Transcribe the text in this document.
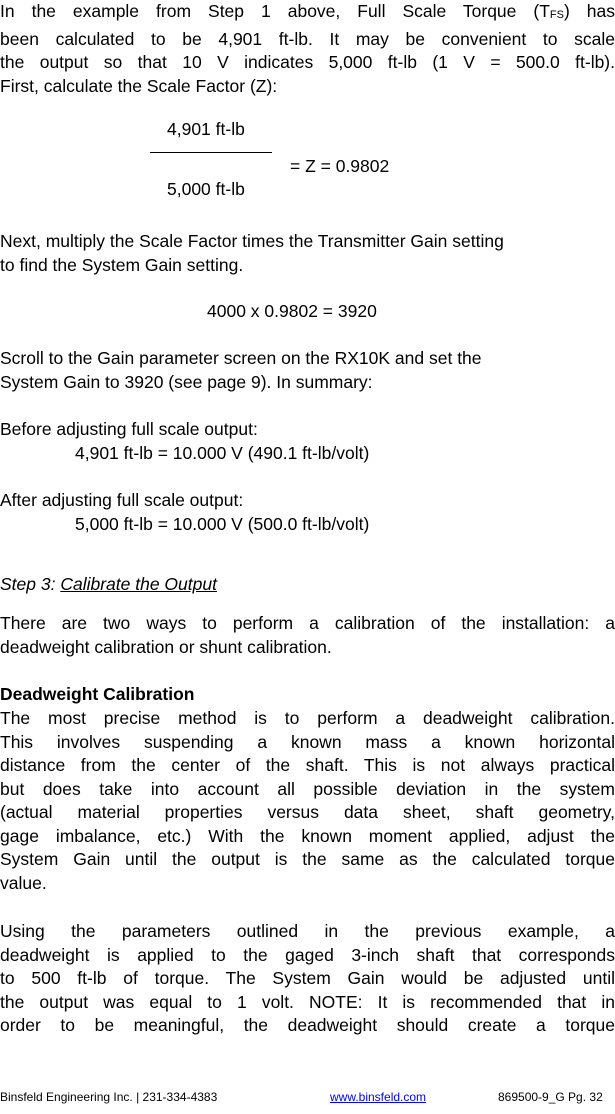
In the example from Step 1 above, Full Scale Torque $(T_{FS})$ has
been calculated to be 4,901 ft-lb. It may be convenient to scale
the output so that 10 V indicates 5,000 ft-lb (1 V = 500.0 ft-lb).
First, calculate the Scale Factor (Z):
4,901 ft-lb
= Z = 0.9802
5,000 ft-lb
Next, multiply the Scale Factor times the Transmitter Gain setting
to find the System Gain setting.
4000 x 0.9802 = 3920
Scroll to the Gain parameter screen on the RX10K and set the
System Gain to 3920 (see page 9). In summary:
Before adjusting full scale output:
4,901 ft-lb = 10.000 V (490.1 ft-lb/volt)
After adjusting full scale output:
5,000 ft-lb = 10.000 V (500.0 ft-lb/volt)
Step 3: Calibrate the Output
There are two ways to perform a calibration of the installation: a
deadweight calibration or shunt calibration.
Deadweight Calibration
The most precise method is to perform a deadweight calibration.
This involves suspending a known mass a known horizontal
distance from the center of the shaft. This is not always practical
but does take into account all possible deviation in the system
(actual material properties versus data sheet, shaft geometry,
gage imbalance, etc.) With the known moment applied, adjust the
System Gain until the output is the same as the calculated torque
value.
Using the parameters outlined in the previous example, a
deadweight is applied to the gaged 3-inch shaft that corresponds
to 500 ft-lb of torque. The System Gain would be adjusted until
the output was equal to 1 volt. NOTE: It is recommended that in
order to be meaningful, the deadweight should create a torque
Binsfeld Engineering Inc. | 231-334-4383	www.binsfeld.com	869500-9_G Pg. 32
